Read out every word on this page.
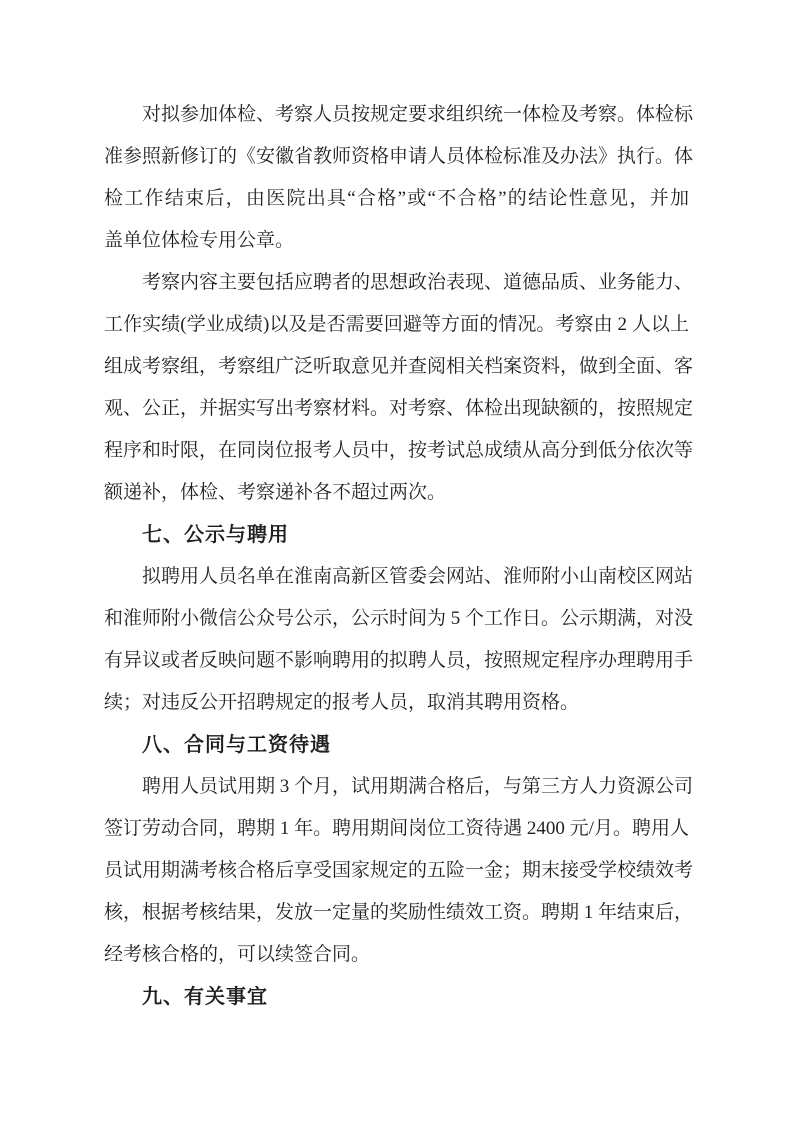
对拟参加体检、考察人员按规定要求组织统一体检及考察。体检标
准参照新修订的《安徽省教师资格申请人员体检标准及办法》执行。体
检工作结束后，由医院出具“合格”或“不合格”的结论性意见，并加
盖单位体检专用公章。
考察内容主要包括应聘者的思想政治表现、道德品质、业务能力、
工作实绩(学业成绩)以及是否需要回避等方面的情况。考察由 2 人以上
组成考察组，考察组广泛听取意见并查阅相关档案资料，做到全面、客
观、公正，并据实写出考察材料。对考察、体检出现缺额的，按照规定
程序和时限，在同岗位报考人员中，按考试总成绩从高分到低分依次等
额递补，体检、考察递补各不超过两次。
七、公示与聘用
拟聘用人员名单在淮南高新区管委会网站、淮师附小山南校区网站
和淮师附小微信公众号公示，公示时间为 5 个工作日。公示期满，对没
有异议或者反映问题不影响聘用的拟聘人员，按照规定程序办理聘用手
续；对违反公开招聘规定的报考人员，取消其聘用资格。
八、合同与工资待遇
聘用人员试用期 3 个月，试用期满合格后，与第三方人力资源公司
签订劳动合同，聘期 1 年。聘用期间岗位工资待遇 2400 元/月。聘用人
员试用期满考核合格后享受国家规定的五险一金；期末接受学校绩效考
核，根据考核结果，发放一定量的奖励性绩效工资。聘期 1 年结束后，
经考核合格的，可以续签合同。
九、有关事宜
